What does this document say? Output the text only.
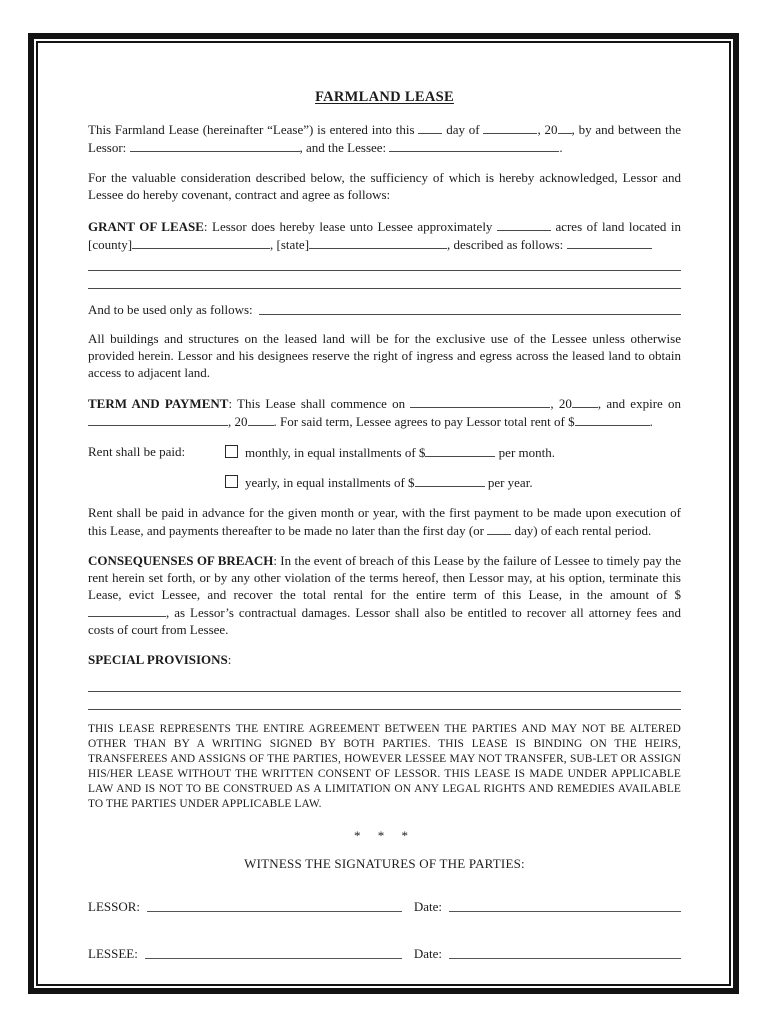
FARMLAND LEASE

This Farmland Lease (hereinafter “Lease”) is entered into this day of	, 20 , by and between the Lessor:	, and the Lessee:	.

For the valuable consideration described below, the sufficiency of which is hereby acknowledged, Lessor and Lessee do hereby covenant, contract and agree as follows:

GRANT OF LEASE: Lessor does hereby lease unto Lessee approximately	acres of land located in [county]	, [state]	, described as follows:

And to be used only as follows:

All buildings and structures on the leased land will be for the exclusive use of the Lessee unless otherwise provided herein. Lessor and his designees reserve the right of ingress and egress across the leased land to obtain access to adjacent land.

TERM AND PAYMENT: This Lease shall commence on	, 20 , and expire on , 20 . For said term, Lessee agrees to pay Lessor total rent of $	.

Rent shall be paid:	monthly, in equal installments of $	per month.
yearly, in equal installments of $	per year.

Rent shall be paid in advance for the given month or year, with the first payment to be made upon execution of this Lease, and payments thereafter to be made no later than the first day (or day) of each rental period.

CONSEQUENSES OF BREACH: In the event of breach of this Lease by the failure of Lessee to timely pay the rent herein set forth, or by any other violation of the terms hereof, then Lessor may, at his option, terminate this Lease, evict Lessee, and recover the total rental for the entire term of this Lease, in the amount of $, as Lessor’s contractual damages. Lessor shall also be entitled to recover all attorney fees and costs of court from Lessee.

SPECIAL PROVISIONS:

THIS LEASE REPRESENTS THE ENTIRE AGREEMENT BETWEEN THE PARTIES AND MAY NOT BE ALTERED OTHER THAN BY A WRITING SIGNED BY BOTH PARTIES. THIS LEASE IS BINDING ON THE HEIRS, TRANSFEREES AND ASSIGNS OF THE PARTIES, HOWEVER LESSEE MAY NOT TRANSFER, SUB-LET OR ASSIGN HIS/HER LEASE WITHOUT THE WRITTEN CONSENT OF LESSOR. THIS LEASE IS MADE UNDER APPLICABLE LAW AND IS NOT TO BE CONSTRUED AS A LIMITATION ON ANY LEGAL RIGHTS AND REMEDIES AVAILABLE TO THE PARTIES UNDER APPLICABLE LAW.

* * *

WITNESS THE SIGNATURES OF THE PARTIES:

LESSOR:	Date:
LESSEE:	Date:
